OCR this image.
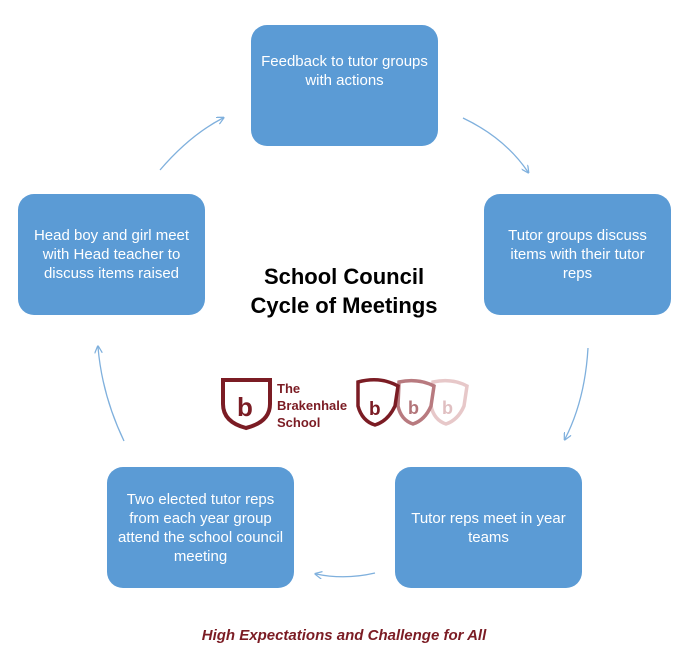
b	b
b
b
Feedback to tutor groups with actions
Tutor groups discuss items with their tutor reps
Tutor reps meet in year teams
Two elected tutor reps from each year group attend the school council meeting
Head boy and girl meet with Head teacher to discuss items raised	School Council
Cycle of Meetings
The
Brakenhale
School
High Expectations and Challenge for All
